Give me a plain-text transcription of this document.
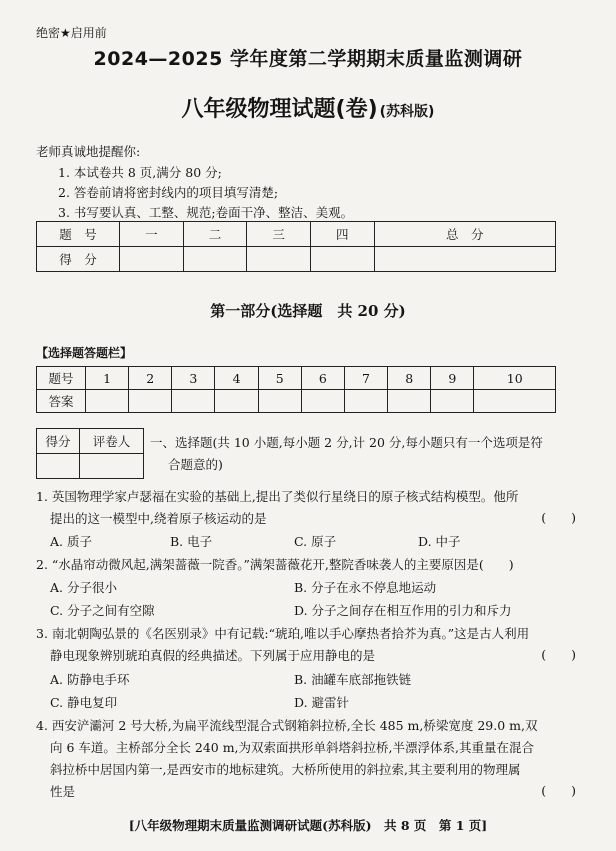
绝密★启用前
2024—2025 学年度第二学期期末质量监测调研
八年级物理试题(卷) (苏科版)
老师真诚地提醒你:
1. 本试卷共 8 页,满分 80 分;
2. 答卷前请将密封线内的项目填写清楚;
3. 书写要认真、工整、规范;卷面干净、整洁、美观。
题　号	一	二	三	四	总　分
得　分					
第一部分(选择题　共 20 分)
【选择题答题栏】
题号	1	2	3	4	5	6	7	8	9	10
答案										
得分	评卷人
	一、选择题(共 10 小题,每小题 2 分,计 20 分,每小题只有一个选项是符
合题意的)
1. 英国物理学家卢瑟福在实验的基础上,提出了类似行星绕日的原子核式结构模型。他所
提出的这一模型中,绕着原子核运动的是	(　　)
A. 质子	B. 电子	C. 原子	D. 中子
2. “水晶帘动微风起,满架蔷薇一院香。”满架蔷薇花开,整院香味袭人的主要原因是(　　)
A. 分子很小	B. 分子在永不停息地运动
C. 分子之间有空隙	D. 分子之间存在相互作用的引力和斥力
3. 南北朝陶弘景的《名医别录》中有记载:“琥珀,唯以手心摩热者拾芥为真。”这是古人利用
静电现象辨别琥珀真假的经典描述。下列属于应用静电的是	(　　)
A. 防静电手环	B. 油罐车底部拖铁链
C. 静电复印	D. 避雷针
4. 西安浐灞河 2 号大桥,为扁平流线型混合式钢箱斜拉桥,全长 485 m,桥梁宽度 29.0 m,双
向 6 车道。主桥部分全长 240 m,为双索面拱形单斜塔斜拉桥,半漂浮体系,其重量在混合
斜拉桥中居国内第一,是西安市的地标建筑。大桥所使用的斜拉索,其主要利用的物理属
性是	(　　)
[八年级物理期末质量监测调研试题(苏科版)　共 8 页　第 1 页]
